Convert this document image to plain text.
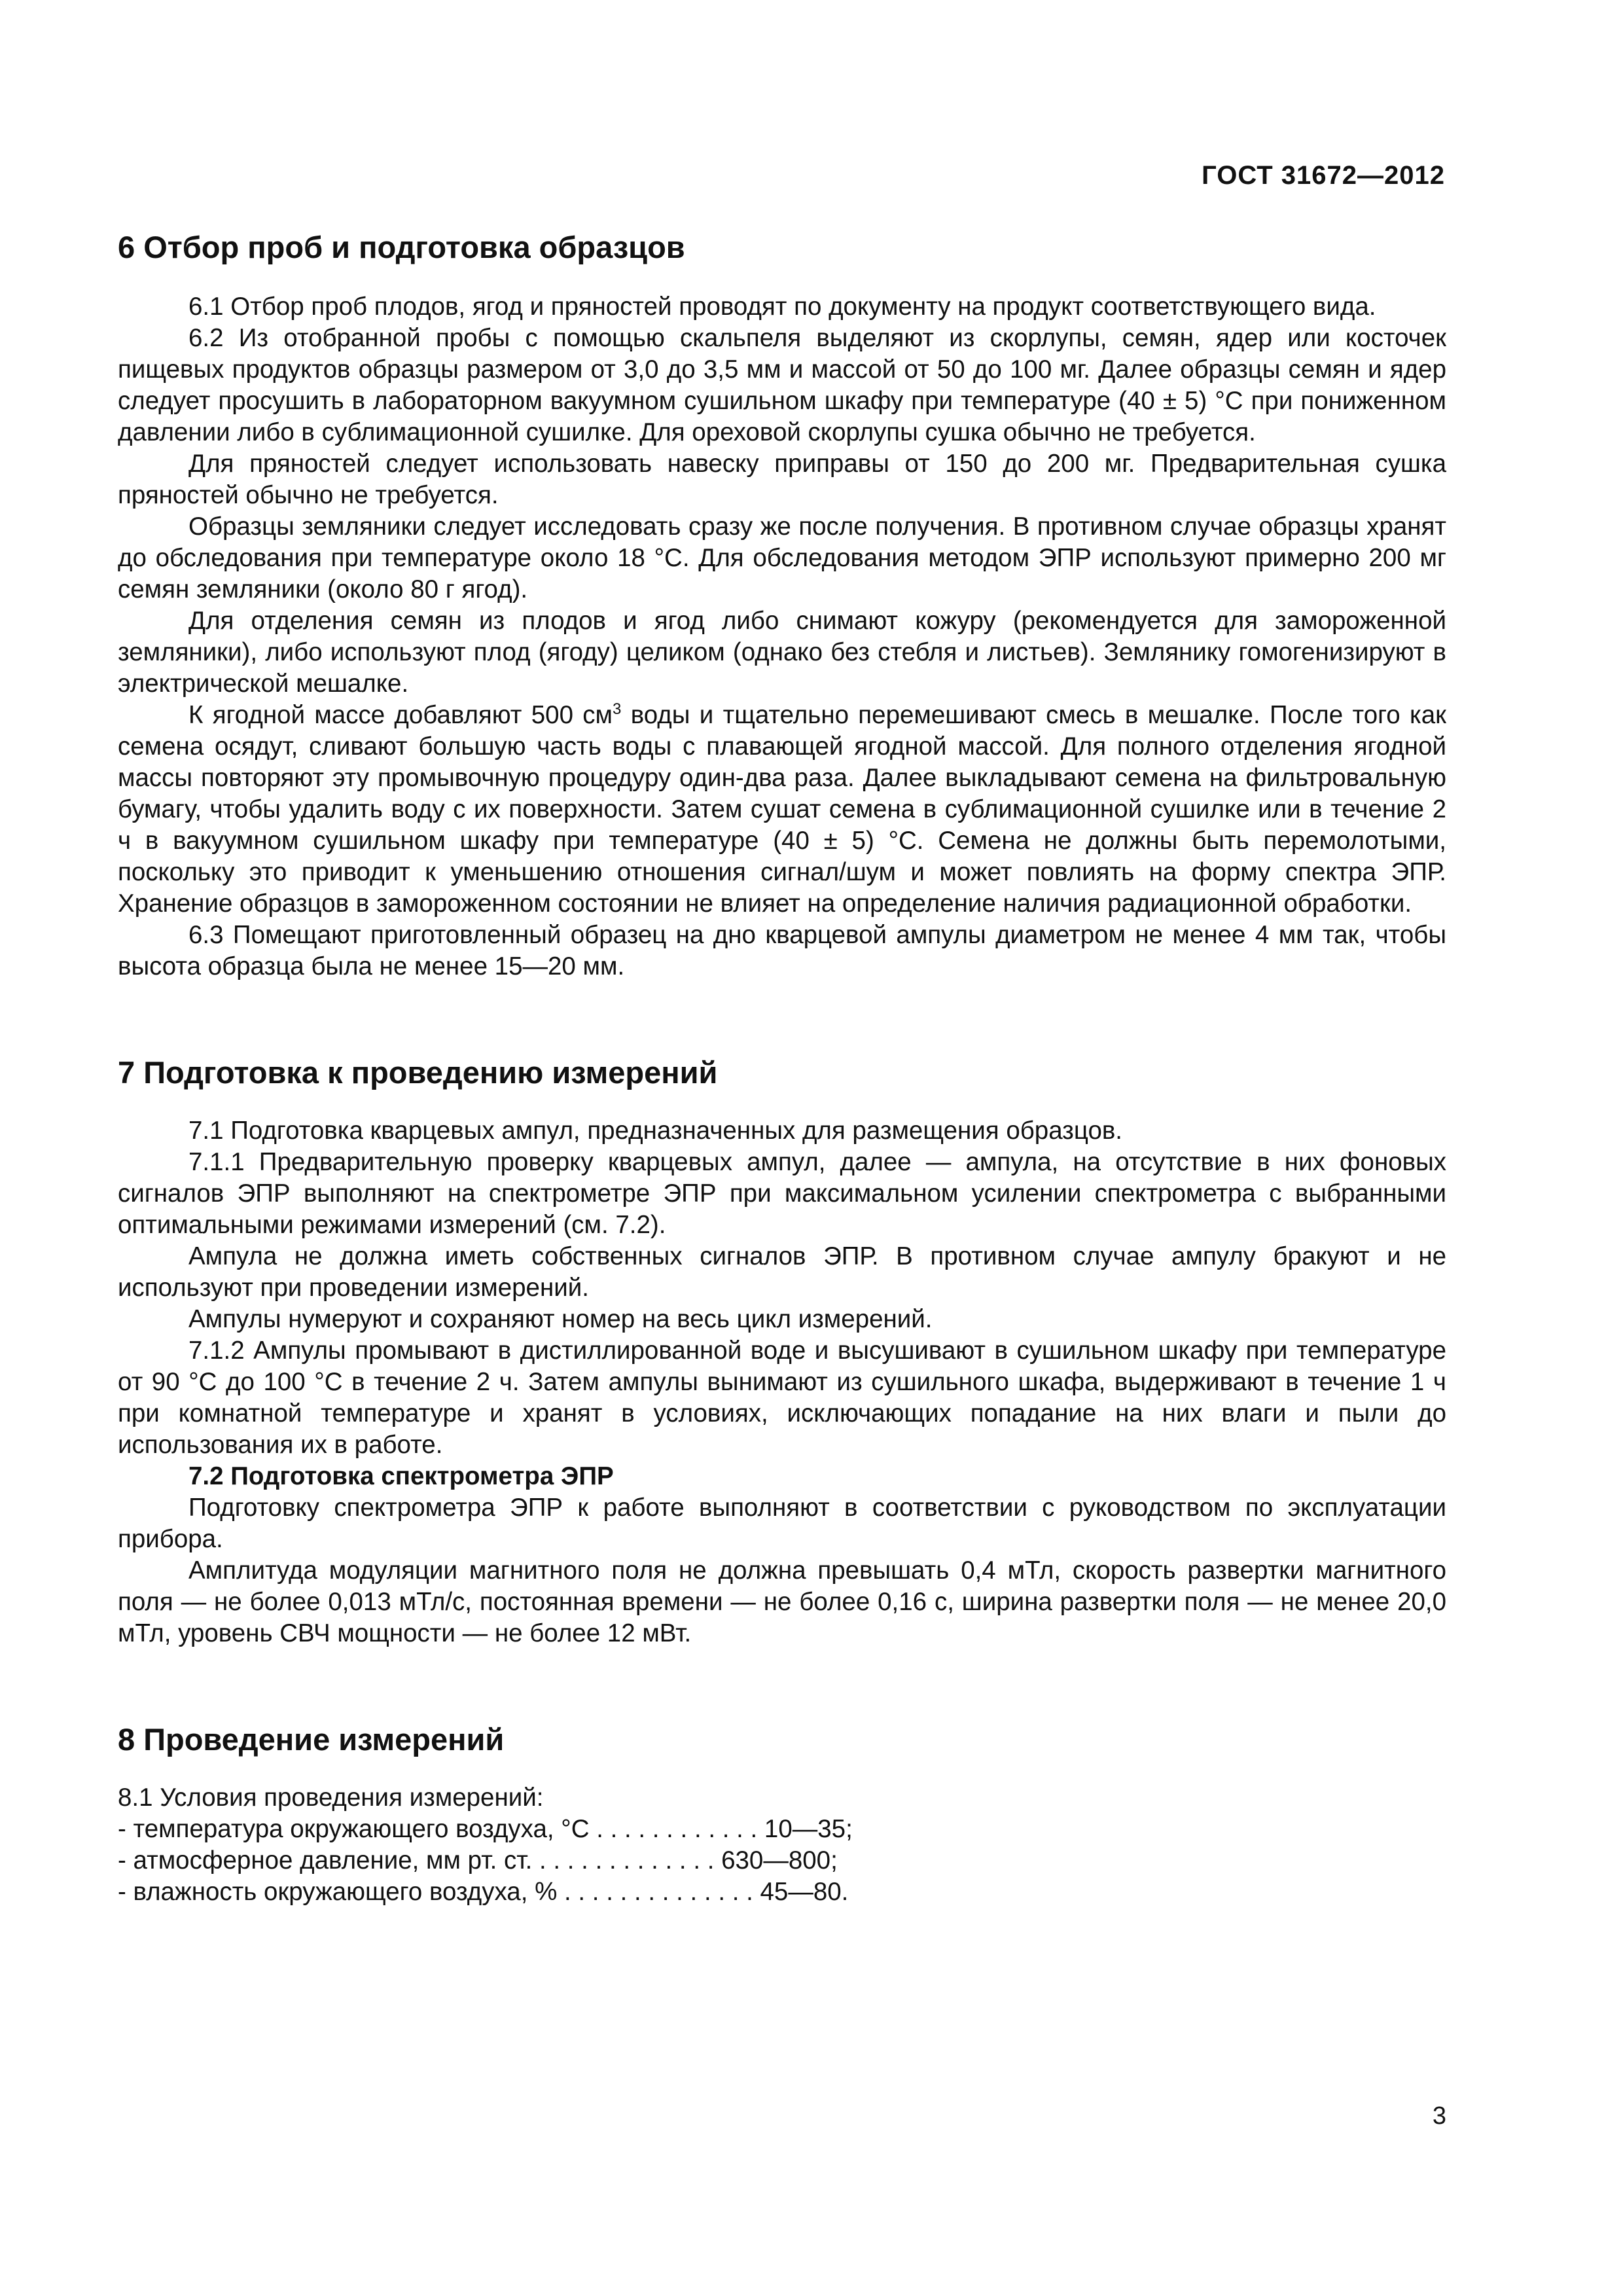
ГОСТ 31672—2012
6 Отбор проб и подготовка образцов

6.1 Отбор проб плодов, ягод и пряностей проводят по документу на продукт соответствующего вида.

6.2 Из отобранной пробы с помощью скальпеля выделяют из скорлупы, семян, ядер или косточек пищевых продуктов образцы размером от 3,0 до 3,5 мм и массой от 50 до 100 мг. Далее образцы семян и ядер следует просушить в лабораторном вакуумном сушильном шкафу при температуре (40 ± 5) °С при пониженном давлении либо в сублимационной сушилке. Для ореховой скорлупы сушка обычно не требуется.

Для пряностей следует использовать навеску приправы от 150 до 200 мг. Предварительная сушка пряностей обычно не требуется.

Образцы земляники следует исследовать сразу же после получения. В противном случае образцы хранят до обследования при температуре около 18 °С. Для обследования методом ЭПР используют примерно 200 мг семян земляники (около 80 г ягод).

Для отделения семян из плодов и ягод либо снимают кожуру (рекомендуется для замороженной земляники), либо используют плод (ягоду) целиком (однако без стебля и листьев). Землянику гомогенизируют в электрической мешалке.

К ягодной массе добавляют 500 $см^3$ воды и тщательно перемешивают смесь в мешалке. После того как семена осядут, сливают большую часть воды с плавающей ягодной массой. Для полного отделения ягодной массы повторяют эту промывочную процедуру один-два раза. Далее выкладывают семена на фильтровальную бумагу, чтобы удалить воду с их поверхности. Затем сушат семена в сублимационной сушилке или в течение 2 ч в вакуумном сушильном шкафу при температуре (40 ± 5) °С. Семена не должны быть перемолотыми, поскольку это приводит к уменьшению отношения сигнал/шум и может повлиять на форму спектра ЭПР. Хранение образцов в замороженном состоянии не влияет на определение наличия радиационной обработки.

6.3 Помещают приготовленный образец на дно кварцевой ампулы диаметром не менее 4 мм так, чтобы высота образца была не менее 15—20 мм.

7 Подготовка к проведению измерений

7.1 Подготовка кварцевых ампул, предназначенных для размещения образцов.

7.1.1 Предварительную проверку кварцевых ампул, далее — ампула, на отсутствие в них фоновых сигналов ЭПР выполняют на спектрометре ЭПР при максимальном усилении спектрометра с выбранными оптимальными режимами измерений (см. 7.2).

Ампула не должна иметь собственных сигналов ЭПР. В противном случае ампулу бракуют и не используют при проведении измерений.

Ампулы нумеруют и сохраняют номер на весь цикл измерений.

7.1.2 Ампулы промывают в дистиллированной воде и высушивают в сушильном шкафу при температуре от 90 °С до 100 °С в течение 2 ч. Затем ампулы вынимают из сушильного шкафа, выдерживают в течение 1 ч при комнатной температуре и хранят в условиях, исключающих попадание на них влаги и пыли до использования их в работе.

7.2 Подготовка спектрометра ЭПР

Подготовку спектрометра ЭПР к работе выполняют в соответствии с руководством по эксплуатации прибора.

Амплитуда модуляции магнитного поля не должна превышать 0,4 мТл, скорость развертки магнитного поля — не более 0,013 мТл/с, постоянная времени — не более 0,16 с, ширина развертки поля — не менее 20,0 мТл, уровень СВЧ мощности — не более 12 мВт.

8 Проведение измерений
8.1 Условия проведения измерений:
- температура окружающего воздуха, °С . . . . . . . . . . . . 10—35;
- атмосферное давление, мм рт. ст. . . . . . . . . . . . . . 630—800;
- влажность окружающего воздуха, % . . . . . . . . . . . . . . 45—80.
3
